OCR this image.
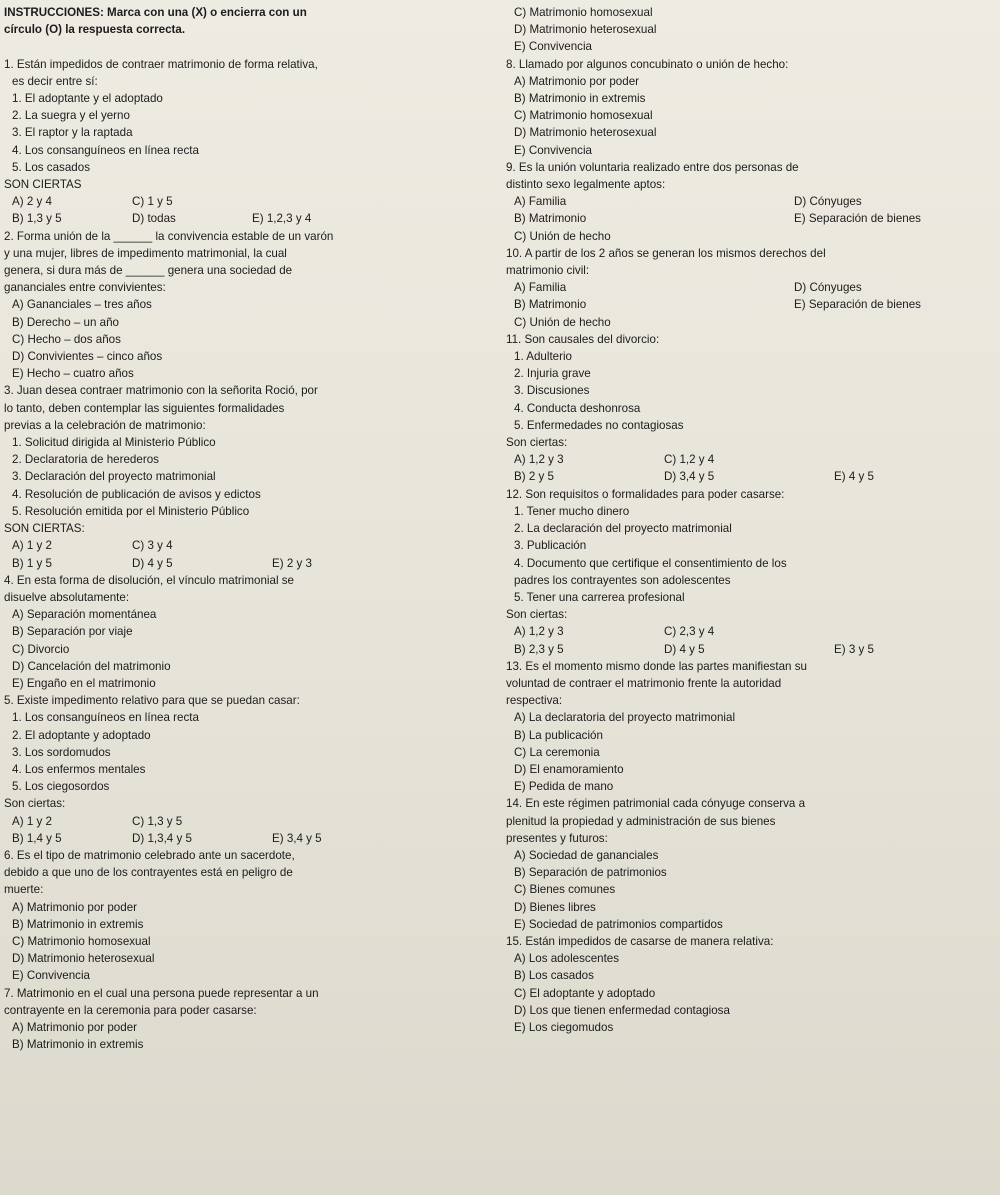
INSTRUCCIONES: Marca con una (X) o encierra con un
círculo (O) la respuesta correcta.

1. Están impedidos de contraer matrimonio de forma relativa,
es decir entre sí:
1. El adoptante y el adoptado
2. La suegra y el yerno
3. El raptor y la raptada
4. Los consanguíneos en línea recta
5. Los casados
SON CIERTAS
A) 2 y 4	C) 1 y 5
B) 1,3 y 5	D) todas	E) 1,2,3 y 4
2. Forma unión de la ______ la convivencia estable de un varón
y una mujer, libres de impedimento matrimonial, la cual
genera, si dura más de ______ genera una sociedad de
gananciales entre convivientes:
A) Gananciales – tres años
B) Derecho – un año
C) Hecho – dos años
D) Convivientes – cinco años
E) Hecho – cuatro años
3. Juan desea contraer matrimonio con la señorita Roció, por
lo tanto, deben contemplar las siguientes formalidades
previas a la celebración de matrimonio:
1. Solicitud dirigida al Ministerio Público
2. Declaratoria de herederos
3. Declaración del proyecto matrimonial
4. Resolución de publicación de avisos y edictos
5. Resolución emitida por el Ministerio Público
SON CIERTAS:
A) 1 y 2	C) 3 y 4
B) 1 y 5	D) 4 y 5	E) 2 y 3
4. En esta forma de disolución, el vínculo matrimonial se
disuelve absolutamente:
A) Separación momentánea
B) Separación por viaje
C) Divorcio
D) Cancelación del matrimonio
E) Engaño en el matrimonio
5. Existe impedimento relativo para que se puedan casar:
1. Los consanguíneos en línea recta
2. El adoptante y adoptado
3. Los sordomudos
4. Los enfermos mentales
5. Los ciegosordos
Son ciertas:
A) 1 y 2	C) 1,3 y 5
B) 1,4 y 5	D) 1,3,4 y 5	E) 3,4 y 5
6. Es el tipo de matrimonio celebrado ante un sacerdote,
debido a que uno de los contrayentes está en peligro de
muerte:
A) Matrimonio por poder
B) Matrimonio in extremis
C) Matrimonio homosexual
D) Matrimonio heterosexual
E) Convivencia
7. Matrimonio en el cual una persona puede representar a un
contrayente en la ceremonia para poder casarse:
A) Matrimonio por poder
B) Matrimonio in extremis
C) Matrimonio homosexual
D) Matrimonio heterosexual
E) Convivencia
8. Llamado por algunos concubinato o unión de hecho:
A) Matrimonio por poder
B) Matrimonio in extremis
C) Matrimonio homosexual
D) Matrimonio heterosexual
E) Convivencia
9. Es la unión voluntaria realizado entre dos personas de
distinto sexo legalmente aptos:
A) Familia	D) Cónyuges
B) Matrimonio	E) Separación de bienes
C) Unión de hecho
10. A partir de los 2 años se generan los mismos derechos del
matrimonio civil:
A) Familia	D) Cónyuges
B) Matrimonio	E) Separación de bienes
C) Unión de hecho
11. Son causales del divorcio:
1. Adulterio
2. Injuria grave
3. Discusiones
4. Conducta deshonrosa
5. Enfermedades no contagiosas
Son ciertas:
A) 1,2 y 3	C) 1,2 y 4
B) 2 y 5	D) 3,4 y 5	E) 4 y 5
12. Son requisitos o formalidades para poder casarse:
1. Tener mucho dinero
2. La declaración del proyecto matrimonial
3. Publicación
4. Documento que certifique el consentimiento de los
padres los contrayentes son adolescentes
5. Tener una carrerea profesional
Son ciertas:
A) 1,2 y 3	C) 2,3 y 4
B) 2,3 y 5	D) 4 y 5	E) 3 y 5
13. Es el momento mismo donde las partes manifiestan su
voluntad de contraer el matrimonio frente la autoridad
respectiva:
A) La declaratoria del proyecto matrimonial
B) La publicación
C) La ceremonia
D) El enamoramiento
E) Pedida de mano
14. En este régimen patrimonial cada cónyuge conserva a
plenitud la propiedad y administración de sus bienes
presentes y futuros:
A) Sociedad de gananciales
B) Separación de patrimonios
C) Bienes comunes
D) Bienes libres
E) Sociedad de patrimonios compartidos
15. Están impedidos de casarse de manera relativa:
A) Los adolescentes
B) Los casados
C) El adoptante y adoptado
D) Los que tienen enfermedad contagiosa
E) Los ciegomudos
